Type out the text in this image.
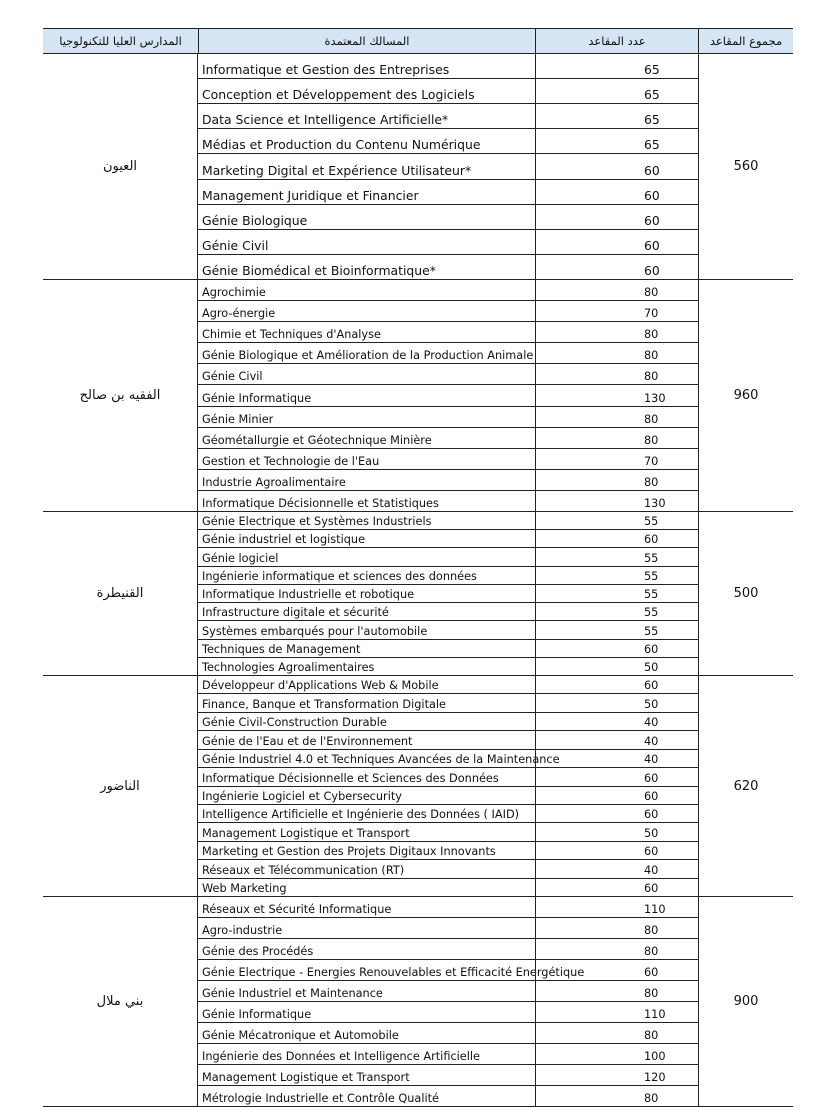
المدارس العليا للتكنولوجيا	المسالك المعتمدة	عدد المقاعد	مجموع المقاعد
العيون
Informatique et Gestion des Entreprises	65
Conception et Développement des Logiciels	65
Data Science et Intelligence Artificielle*	65
Médias et Production du Contenu Numérique	65
Marketing Digital et Expérience Utilisateur*	60
Management Juridique et Financier	60
Génie Biologique	60
Génie Civil	60
Génie Biomédical et Bioinformatique*	60
560
الفقيه بن صالح
Agrochimie	80
Agro-énergie	70
Chimie et Techniques d'Analyse	80
Génie Biologique et Amélioration de la Production Animale	80
Génie Civil	80
Génie Informatique	130
Génie Minier	80
Géométallurgie et Géotechnique Minière	80
Gestion et Technologie de l'Eau	70
Industrie Agroalimentaire	80
Informatique Décisionnelle et Statistiques	130
960
القنيطرة
Génie Electrique et Systèmes Industriels	55
Génie industriel et logistique	60
Génie logiciel	55
Ingénierie informatique et sciences des données	55
Informatique Industrielle et robotique	55
Infrastructure digitale et sécurité	55
Systèmes embarqués pour l'automobile	55
Techniques de Management	60
Technologies Agroalimentaires	50
500
الناضور
Développeur d'Applications Web & Mobile	60
Finance, Banque et Transformation Digitale	50
Génie Civil-Construction Durable	40
Génie de l'Eau et de l'Environnement	40
Génie Industriel 4.0 et Techniques Avancées de la Maintenance	40
Informatique Décisionnelle et Sciences des Données	60
Ingénierie Logiciel et Cybersecurity	60
Intelligence Artificielle et Ingénierie des Données ( IAID)	60
Management Logistique et Transport	50
Marketing et Gestion des Projets Digitaux Innovants	60
Réseaux et Télécommunication (RT)	40
Web Marketing	60
620
بني ملال
Réseaux et Sécurité Informatique	110
Agro-industrie	80
Génie des Procédés	80
Génie Electrique - Energies Renouvelables et Efficacité Energétique	60
Génie Industriel et Maintenance	80
Génie Informatique	110
Génie Mécatronique et Automobile	80
Ingénierie des Données et Intelligence Artificielle	100
Management Logistique et Transport	120
Métrologie Industrielle et Contrôle Qualité	80
900
